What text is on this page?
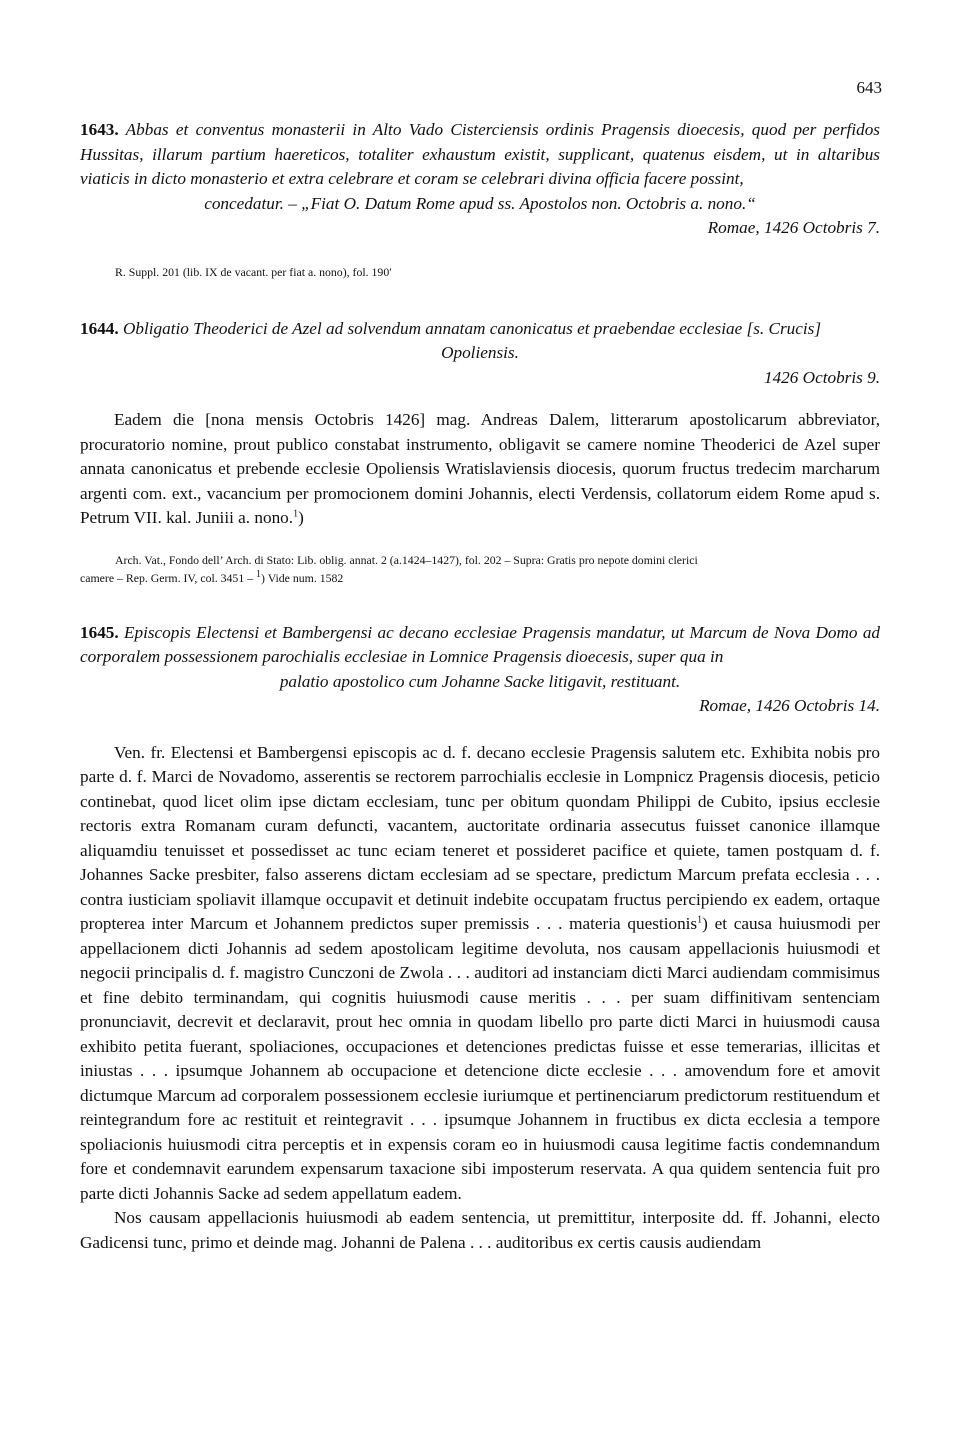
643

1643. Abbas et conventus monasterii in Alto Vado Cisterciensis ordinis Pragensis dioecesis, quod per perfidos Hussitas, illarum partium haereticos, totaliter exhaustum existit, supplicant, quatenus eisdem, ut in altaribus viaticis in dicto monasterio et extra celebrare et coram se celebrari divina officia facere possint,
concedatur. – „Fiat O. Datum Rome apud ss. Apostolos non. Octobris a. nono.“

Romae, 1426 Octobris 7.

R. Suppl. 201 (lib. IX de vacant. per fiat a. nono), fol. 190′

1644. Obligatio Theoderici de Azel ad solvendum annatam canonicatus et praebendae ecclesiae [s. Crucis]
Opoliensis.

1426 Octobris 9.

Eadem die [nona mensis Octobris 1426] mag. Andreas Dalem, litterarum apostolicarum abbreviator, procuratorio nomine, prout publico constabat instrumento, obligavit se camere nomine Theoderici de Azel super annata canonicatus et prebende ecclesie Opoliensis Wratislaviensis diocesis, quorum fructus tredecim marcharum argenti com. ext., vacancium per promocionem domini Johannis, electi Verdensis, collatorum eidem Rome apud s. Petrum VII. kal. Juniii a. nono.$^1$)

Arch. Vat., Fondo dell’ Arch. di Stato: Lib. oblig. annat. 2 (a.1424–1427), fol. 202 – Supra: Gratis pro nepote domini clerici
camere – Rep. Germ. IV, col. 3451 – $^1$) Vide num. 1582

1645. Episcopis Electensi et Bambergensi ac decano ecclesiae Pragensis mandatur, ut Marcum de Nova Domo ad corporalem possessionem parochialis ecclesiae in Lomnice Pragensis dioecesis, super qua in
palatio apostolico cum Johanne Sacke litigavit, restituant.

Romae, 1426 Octobris 14.

Ven. fr. Electensi et Bambergensi episcopis ac d. f. decano ecclesie Pragensis salutem etc. Exhibita nobis pro parte d. f. Marci de Novadomo, asserentis se rectorem parrochialis ecclesie in Lompnicz Pragensis diocesis, peticio continebat, quod licet olim ipse dictam ecclesiam, tunc per obitum quondam Philippi de Cubito, ipsius ecclesie rectoris extra Romanam curam defuncti, vacantem, auctoritate ordinaria assecutus fuisset canonice illamque aliquamdiu tenuisset et possedisset ac tunc eciam teneret et possideret pacifice et quiete, tamen postquam d. f. Johannes Sacke presbiter, falso asserens dictam ecclesiam ad se spectare, predictum Marcum prefata ecclesia . . . contra iusticiam spoliavit illamque occupavit et detinuit indebite occupatam fructus percipiendo ex eadem, ortaque propterea inter Marcum et Johannem predictos super premissis . . . materia questionis$^1$) et causa huiusmodi per appellacionem dicti Johannis ad sedem apostolicam legitime devoluta, nos causam appellacionis huiusmodi et negocii principalis d. f. magistro Cunczoni de Zwola . . . auditori ad instanciam dicti Marci audiendam commisimus et fine debito terminandam, qui cognitis huiusmodi cause meritis . . . per suam diffinitivam sentenciam pronunciavit, decrevit et declaravit, prout hec omnia in quodam libello pro parte dicti Marci in huiusmodi causa exhibito petita fuerant, spoliaciones, occupaciones et detenciones predictas fuisse et esse temerarias, illicitas et iniustas . . . ipsumque Johannem ab occupacione et detencione dicte ecclesie . . . amovendum fore et amovit dictumque Marcum ad corporalem possessionem ecclesie iuriumque et pertinenciarum predictorum restituendum et reintegrandum fore ac restituit et reintegravit . . . ipsumque Johannem in fructibus ex dicta ecclesia a tempore spoliacionis huiusmodi citra perceptis et in expensis coram eo in huiusmodi causa legitime factis condemnandum fore et condemnavit earundem expensarum taxacione sibi imposterum reservata. A qua quidem sentencia fuit pro parte dicti Johannis Sacke ad sedem appellatum eadem.

Nos causam appellacionis huiusmodi ab eadem sentencia, ut premittitur, interposite dd. ff. Johanni, electo Gadicensi tunc, primo et deinde mag. Johanni de Palena . . . auditoribus ex certis causis audiendam
